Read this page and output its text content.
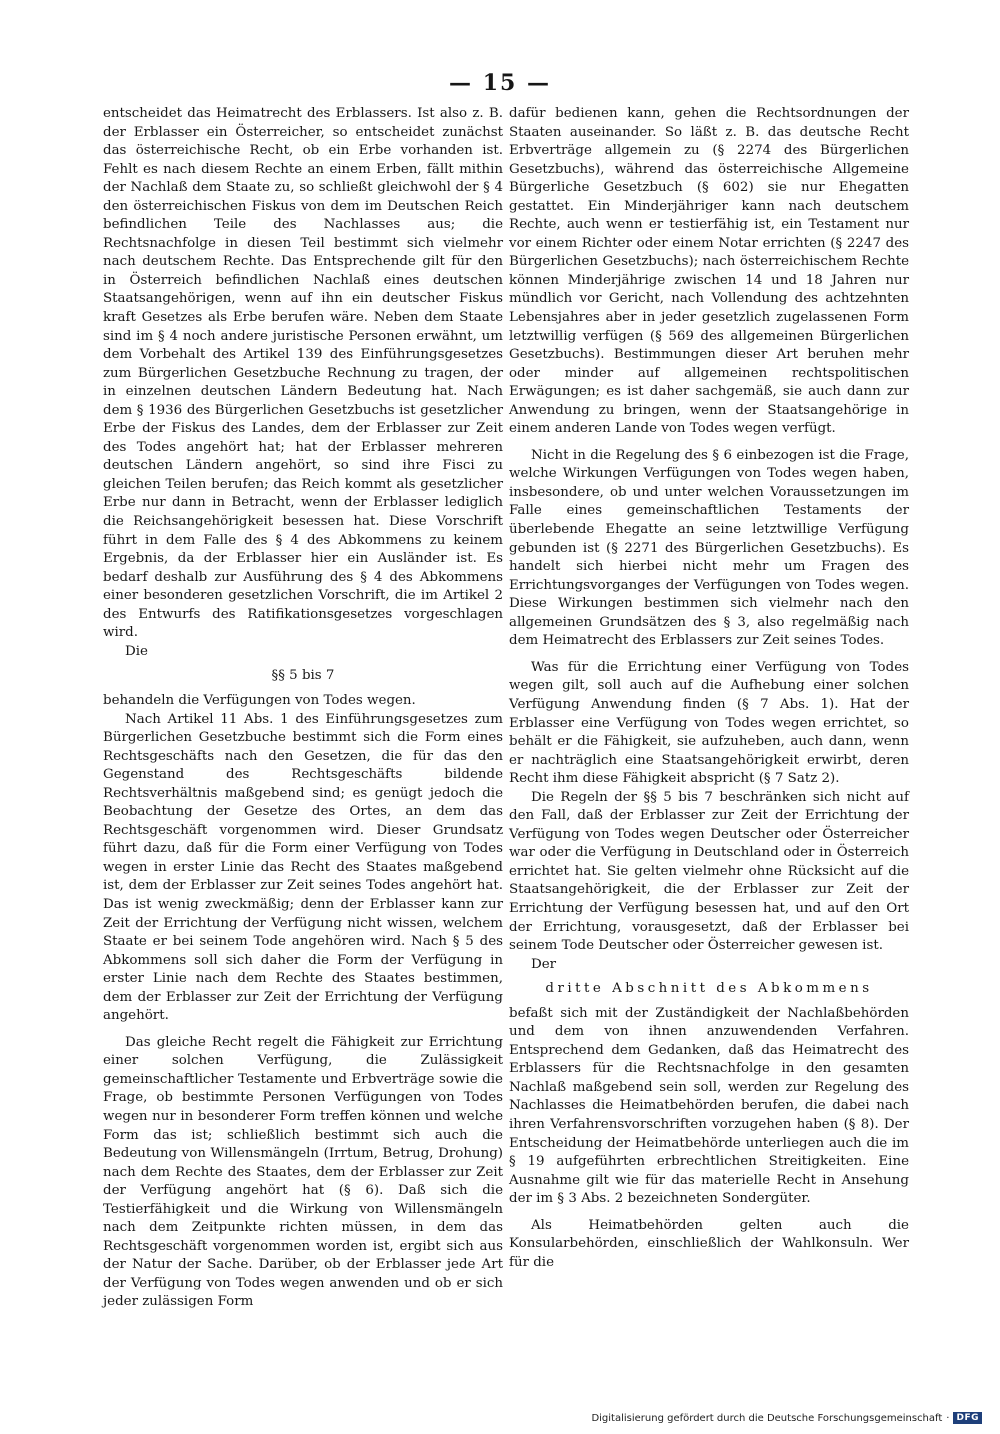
— 15 —

entscheidet das Heimatrecht des Erblassers. Ist also z. B. der Erblasser ein Österreicher, so entscheidet zunächst das österreichische Recht, ob ein Erbe vorhanden ist. Fehlt es nach diesem Rechte an einem Erben, fällt mithin der Nachlaß dem Staate zu, so schließt gleichwohl der § 4 den österreichischen Fiskus von dem im Deutschen Reich befindlichen Teile des Nachlasses aus; die Rechtsnachfolge in diesen Teil bestimmt sich vielmehr nach deutschem Rechte. Das Entsprechende gilt für den in Österreich befindlichen Nachlaß eines deutschen Staatsangehörigen, wenn auf ihn ein deutscher Fiskus kraft Gesetzes als Erbe berufen wäre. Neben dem Staate sind im § 4 noch andere juristische Personen erwähnt, um dem Vorbehalt des Artikel 139 des Einführungsgesetzes zum Bürgerlichen Gesetzbuche Rechnung zu tragen, der in einzelnen deutschen Ländern Bedeutung hat. Nach dem § 1936 des Bürgerlichen Gesetzbuchs ist gesetzlicher Erbe der Fiskus des Landes, dem der Erblasser zur Zeit des Todes angehört hat; hat der Erblasser mehreren deutschen Ländern angehört, so sind ihre Fisci zu gleichen Teilen berufen; das Reich kommt als gesetzlicher Erbe nur dann in Betracht, wenn der Erblasser lediglich die Reichsangehörigkeit besessen hat. Diese Vorschrift führt in dem Falle des § 4 des Abkommens zu keinem Ergebnis, da der Erblasser hier ein Ausländer ist. Es bedarf deshalb zur Ausführung des § 4 des Abkommens einer besonderen gesetzlichen Vorschrift, die im Artikel 2 des Entwurfs des Ratifikationsgesetzes vorgeschlagen wird.

Die

§§ 5 bis 7

behandeln die Verfügungen von Todes wegen.

Nach Artikel 11 Abs. 1 des Einführungsgesetzes zum Bürgerlichen Gesetzbuche bestimmt sich die Form eines Rechtsgeschäfts nach den Gesetzen, die für das den Gegenstand des Rechtsgeschäfts bildende Rechtsverhältnis maßgebend sind; es genügt jedoch die Beobachtung der Gesetze des Ortes, an dem das Rechtsgeschäft vorgenommen wird. Dieser Grundsatz führt dazu, daß für die Form einer Verfügung von Todes wegen in erster Linie das Recht des Staates maßgebend ist, dem der Erblasser zur Zeit seines Todes angehört hat. Das ist wenig zweckmäßig; denn der Erblasser kann zur Zeit der Errichtung der Verfügung nicht wissen, welchem Staate er bei seinem Tode angehören wird. Nach § 5 des Abkommens soll sich daher die Form der Verfügung in erster Linie nach dem Rechte des Staates bestimmen, dem der Erblasser zur Zeit der Errichtung der Verfügung angehört.

Das gleiche Recht regelt die Fähigkeit zur Errichtung einer solchen Verfügung, die Zulässigkeit gemeinschaftlicher Testamente und Erbverträge sowie die Frage, ob bestimmte Personen Verfügungen von Todes wegen nur in besonderer Form treffen können und welche Form das ist; schließlich bestimmt sich auch die Bedeutung von Willensmängeln (Irrtum, Betrug, Drohung) nach dem Rechte des Staates, dem der Erblasser zur Zeit der Verfügung angehört hat (§ 6). Daß sich die Testierfähigkeit und die Wirkung von Willensmängeln nach dem Zeitpunkte richten müssen, in dem das Rechtsgeschäft vorgenommen worden ist, ergibt sich aus der Natur der Sache. Darüber, ob der Erblasser jede Art der Verfügung von Todes wegen anwenden und ob er sich jeder zulässigen Form

dafür bedienen kann, gehen die Rechtsordnungen der Staaten auseinander. So läßt z. B. das deutsche Recht Erbverträge allgemein zu (§ 2274 des Bürgerlichen Gesetzbuchs), während das österreichische Allgemeine Bürgerliche Gesetzbuch (§ 602) sie nur Ehegatten gestattet. Ein Minderjähriger kann nach deutschem Rechte, auch wenn er testierfähig ist, ein Testament nur vor einem Richter oder einem Notar errichten (§ 2247 des Bürgerlichen Gesetzbuchs); nach österreichischem Rechte können Minderjährige zwischen 14 und 18 Jahren nur mündlich vor Gericht, nach Vollendung des achtzehnten Lebensjahres aber in jeder gesetzlich zugelassenen Form letztwillig verfügen (§ 569 des allgemeinen Bürgerlichen Gesetzbuchs). Bestimmungen dieser Art beruhen mehr oder minder auf allgemeinen rechtspolitischen Erwägungen; es ist daher sachgemäß, sie auch dann zur Anwendung zu bringen, wenn der Staatsangehörige in einem anderen Lande von Todes wegen verfügt.

Nicht in die Regelung des § 6 einbezogen ist die Frage, welche Wirkungen Verfügungen von Todes wegen haben, insbesondere, ob und unter welchen Voraussetzungen im Falle eines gemeinschaftlichen Testaments der überlebende Ehegatte an seine letztwillige Verfügung gebunden ist (§ 2271 des Bürgerlichen Gesetzbuchs). Es handelt sich hierbei nicht mehr um Fragen des Errichtungsvorganges der Verfügungen von Todes wegen. Diese Wirkungen bestimmen sich vielmehr nach den allgemeinen Grundsätzen des § 3, also regelmäßig nach dem Heimatrecht des Erblassers zur Zeit seines Todes.

Was für die Errichtung einer Verfügung von Todes wegen gilt, soll auch auf die Aufhebung einer solchen Verfügung Anwendung finden (§ 7 Abs. 1). Hat der Erblasser eine Verfügung von Todes wegen errichtet, so behält er die Fähigkeit, sie aufzuheben, auch dann, wenn er nachträglich eine Staatsangehörigkeit erwirbt, deren Recht ihm diese Fähigkeit abspricht (§ 7 Satz 2).

Die Regeln der §§ 5 bis 7 beschränken sich nicht auf den Fall, daß der Erblasser zur Zeit der Errichtung der Verfügung von Todes wegen Deutscher oder Österreicher war oder die Verfügung in Deutschland oder in Österreich errichtet hat. Sie gelten vielmehr ohne Rücksicht auf die Staatsangehörigkeit, die der Erblasser zur Zeit der Errichtung der Verfügung besessen hat, und auf den Ort der Errichtung, vorausgesetzt, daß der Erblasser bei seinem Tode Deutscher oder Österreicher gewesen ist.

Der

dritte Abschnitt des Abkommens

befaßt sich mit der Zuständigkeit der Nachlaßbehörden und dem von ihnen anzuwendenden Verfahren. Entsprechend dem Gedanken, daß das Heimatrecht des Erblassers für die Rechtsnachfolge in den gesamten Nachlaß maßgebend sein soll, werden zur Regelung des Nachlasses die Heimatbehörden berufen, die dabei nach ihren Verfahrensvorschriften vorzugehen haben (§ 8). Der Entscheidung der Heimatbehörde unterliegen auch die im § 19 aufgeführten erbrechtlichen Streitigkeiten. Eine Ausnahme gilt wie für das materielle Recht in Ansehung der im § 3 Abs. 2 bezeichneten Sondergüter.

Als Heimatbehörden gelten auch die Konsularbehörden, einschließlich der Wahlkonsuln. Wer für die

Digitalisierung gefördert durch die Deutsche Forschungsgemeinschaft · DFG
